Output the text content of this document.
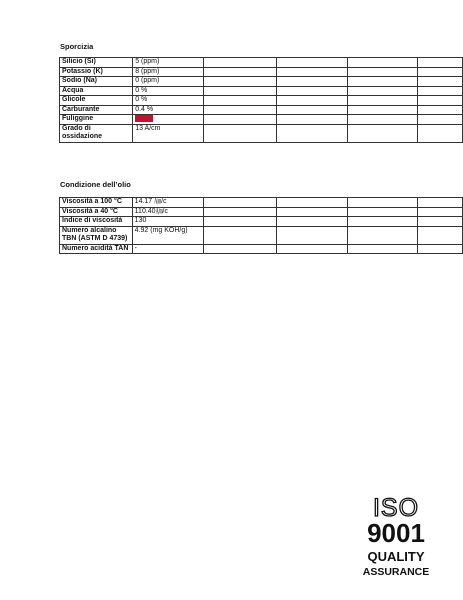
Sporcizia
Silicio (Si)	5 (ppm)				
Potassio (K)	8 (ppm)				
Sodio (Na)	0 (ppm)				
Acqua	0 %				
Glicole	0 %				
Carburante	0.4 %				
Fuliggine	1.9 %				
Grado di ossidazione	13 A/cm				
Condizione dell’olio
Viscosità a 100 °C	14.17 ㏟/c				
Viscosità a 40 °C	110.40㏟/c				
Indice di viscosità	130				
Numero alcalino TBN (ASTM D 4739)	4.92 (mg KOH/g)				
Numero acidità TAN	-				
ISO
9001
QUALITY
ASSURANCE
